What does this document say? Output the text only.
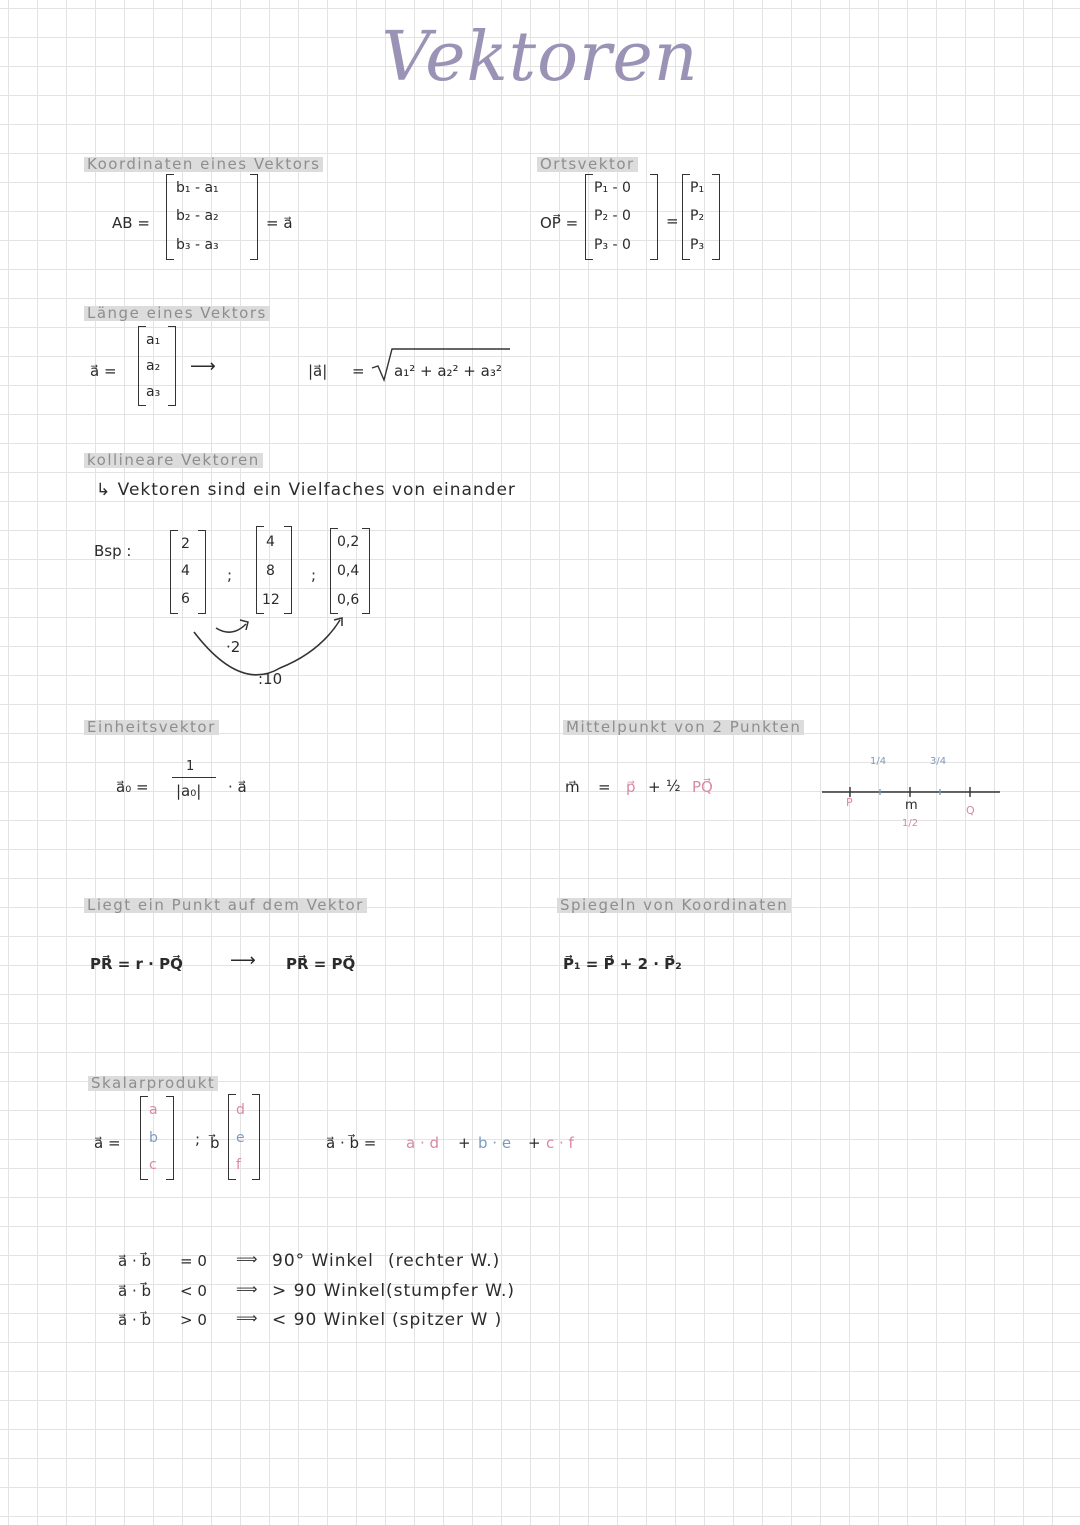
Vektoren
Koordinaten eines Vektors
AB =
b₁ - a₁
b₂ - a₂
b₃ - a₃
= a⃗
Ortsvektor
OP⃗ =
P₁ - 0
P₂ - 0
P₃ - 0
=
P₁
P₂
P₃
Länge eines Vektors
a⃗ =
a₁
a₂
a₃
⟶	|a⃗| = a₁² + a₂² + a₃²
kollineare Vektoren
↳ Vektoren sind ein Vielfaches von einander
Bsp :	2
4
6
;
4
8
12
;
0,2
0,4
0,6
·2
:10
Einheitsvektor
a⃗₀ =
1
|a₀| · a⃗
Mittelpunkt von 2 Punkten
m⃗ = p⃗ + ½ PQ⃗
P
Q
1/4	3/4
m
1/2
Liegt ein Punkt auf dem Vektor
PR⃗ = r · PQ⃗	⟶ PR⃗ = PQ⃗
Spiegeln von Koordinaten
P⃗₁ = P⃗ + 2 · P⃗₂
Skalarprodukt
a⃗ =
a
b
c
; b⃗
d
e
f
a⃗ · b⃗ = a · d + b · e + c · f
a⃗ · b⃗ = 0 ⟹ 90° Winkel (rechter W.)
a⃗ · b⃗ < 0 ⟹ > 90 Winkel (stumpfer W.)
a⃗ · b⃗ > 0 ⟹ < 90 Winkel (spitzer W )
